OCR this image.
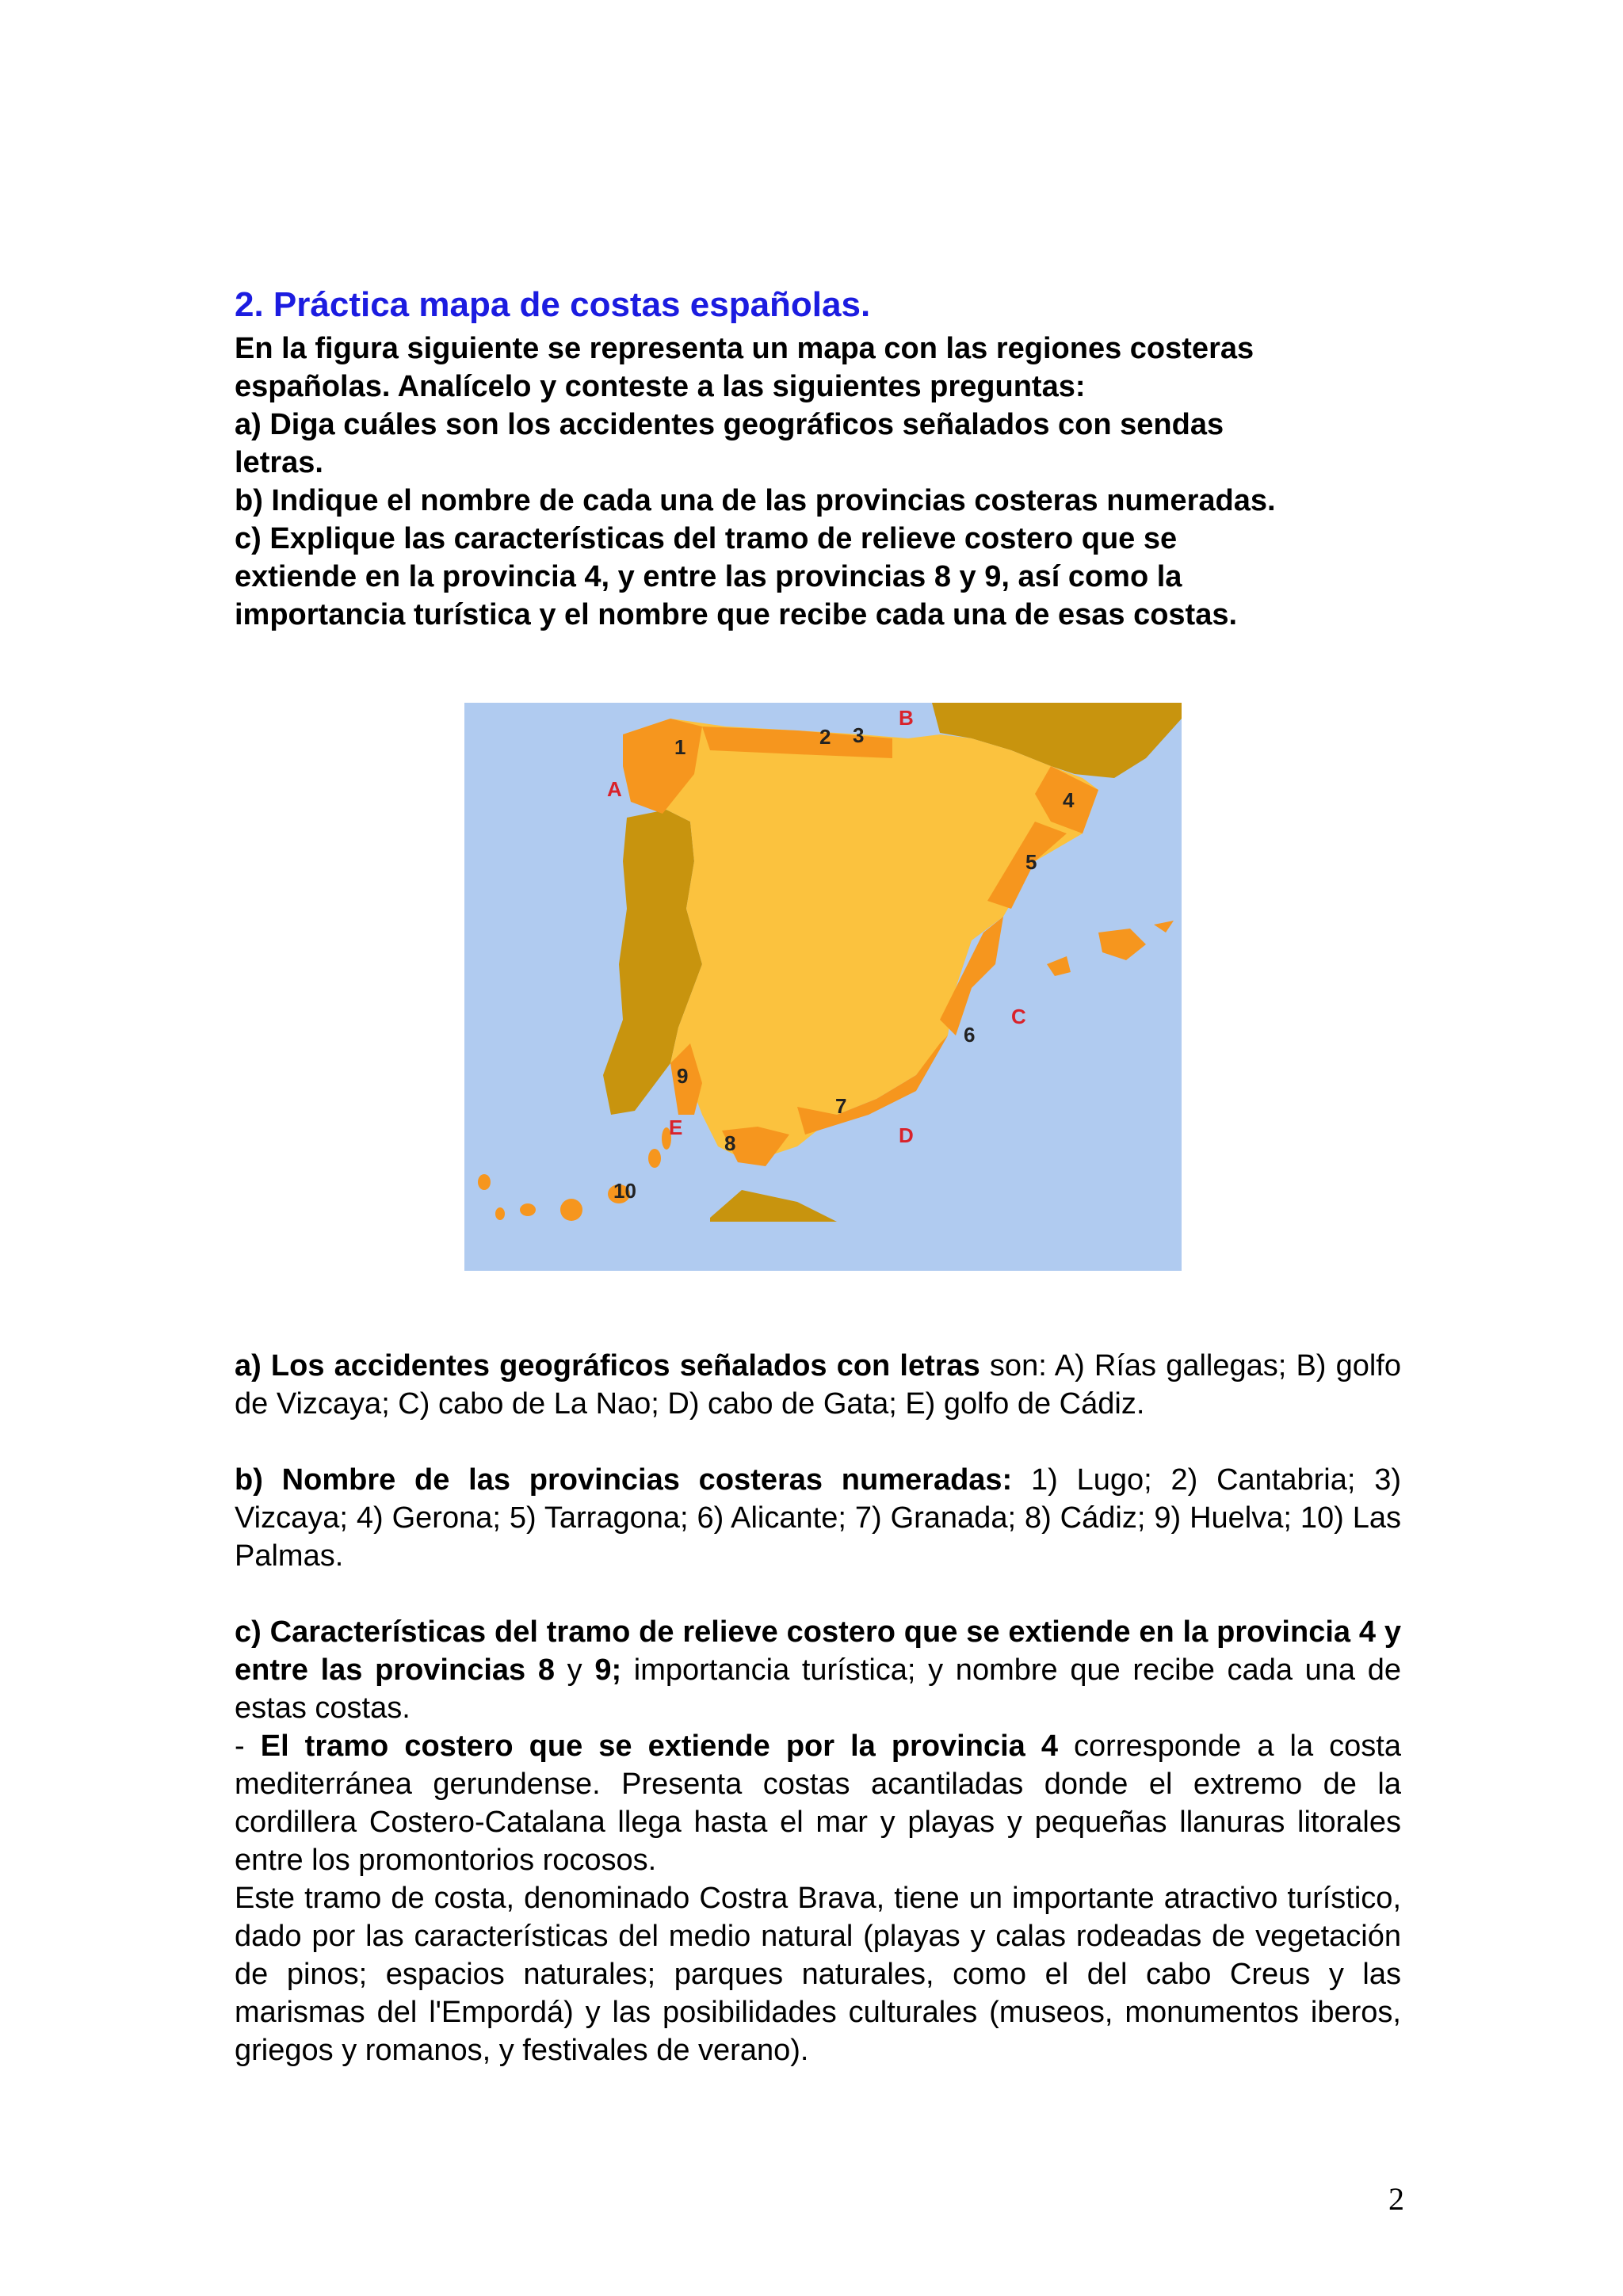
2. Práctica mapa de costas españolas.

En la figura siguiente se representa un mapa con las regiones costeras

españolas. Analícelo y conteste a las siguientes preguntas:

a) Diga cuáles son los accidentes geográficos señalados con sendas

letras.

b) Indique el nombre de cada una de las provincias costeras numeradas.

c) Explique las características del tramo de relieve costero que se

extiende en la provincia 4, y entre las provincias 8 y 9, así como la

importancia turística y el nombre que recibe cada una de esas costas.

A
B
C
D
E
1	2 3
4
5
6
7
8
9
10

a) Los accidentes geográficos señalados con letras son: A) Rías gallegas; B) golfo de Vizcaya; C) cabo de La Nao; D) cabo de Gata; E) golfo de Cádiz.

b) Nombre de las provincias costeras numeradas: 1) Lugo; 2) Cantabria; 3) Vizcaya; 4) Gerona; 5) Tarragona; 6) Alicante; 7) Granada; 8) Cádiz; 9) Huelva; 10) Las Palmas.

c) Características del tramo de relieve costero que se extiende en la provincia 4 y entre las provincias 8 y 9; importancia turística; y nombre que recibe cada una de estas costas.

- El tramo costero que se extiende por la provincia 4 corresponde a la costa mediterránea gerundense. Presenta costas acantiladas donde el extremo de la cordillera Costero-Catalana llega hasta el mar y playas y pequeñas llanuras litorales entre los promontorios rocosos.

Este tramo de costa, denominado Costra Brava, tiene un importante atractivo turístico, dado por las características del medio natural (playas y calas rodeadas de vegetación de pinos; espacios naturales; parques naturales, como el del cabo Creus y las marismas del l'Empordá) y las posibilidades culturales (museos, monumentos iberos, griegos y romanos, y festivales de verano).

2
